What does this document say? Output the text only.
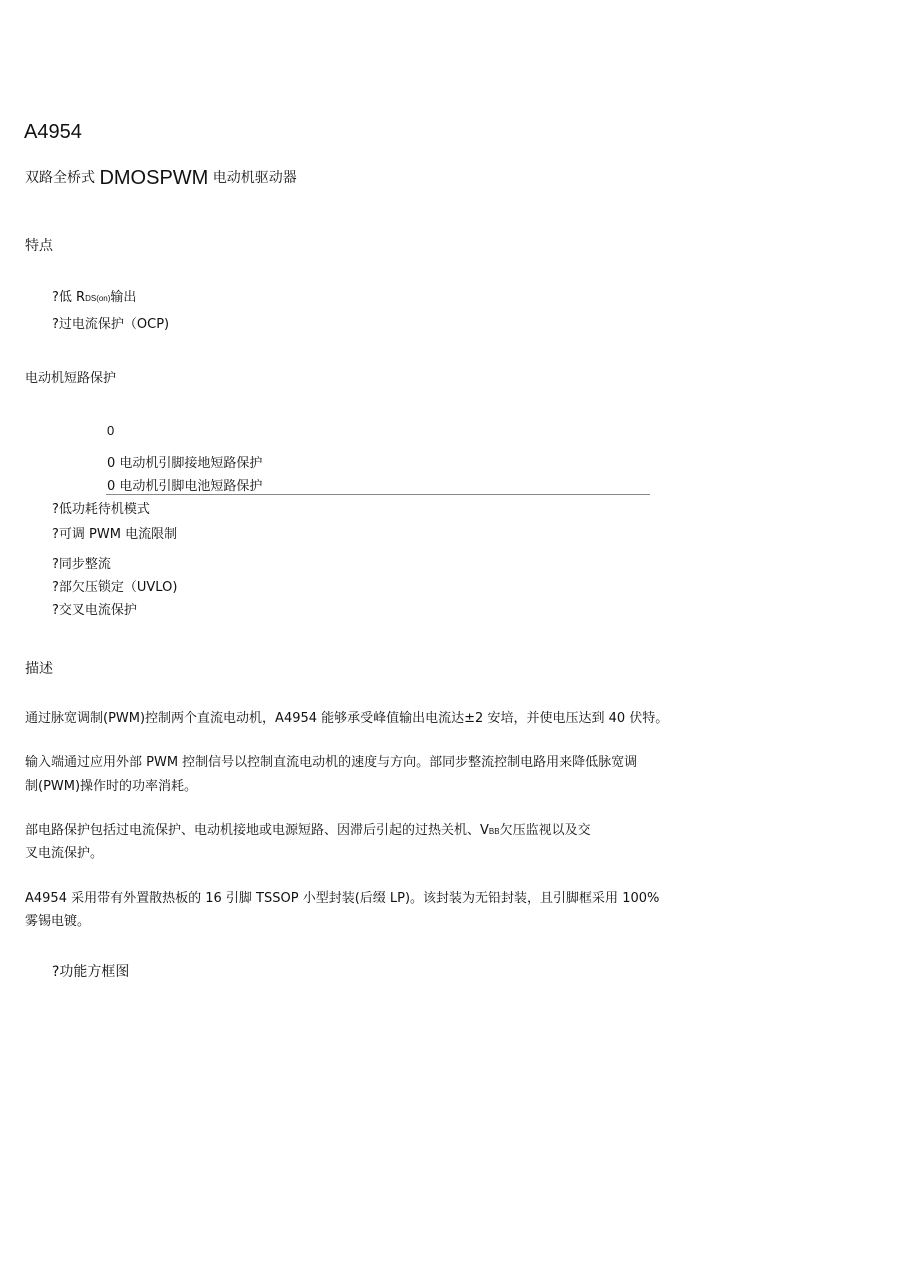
A4954
双路全桥式 DMOSPWM 电动机驱动器
特点
?低 RDS(on)输出
?过电流保护（OCP)
电动机短路保护
0
0 电动机引脚接地短路保护
0 电动机引脚电池短路保护
?低功耗待机模式
?可调 PWM 电流限制
?同步整流
?部欠压锁定（UVLO)
?交叉电流保护
描述
通过脉宽调制(PWM)控制两个直流电动机，A4954 能够承受峰值输出电流达±2 安培，并使电压达到 40 伏特。
输入端通过应用外部 PWM 控制信号以控制直流电动机的速度与方向。部同步整流控制电路用来降低脉宽调
制(PWM)操作时的功率消耗。
部电路保护包括过电流保护、电动机接地或电源短路、因滞后引起的过热关机、VBB欠压监视以及交
叉电流保护。
A4954 采用带有外置散热板的 16 引脚 TSSOP 小型封装(后缀 LP)。该封装为无铅封装，且引脚框采用 100%
雾锡电镀。
?功能方框图
